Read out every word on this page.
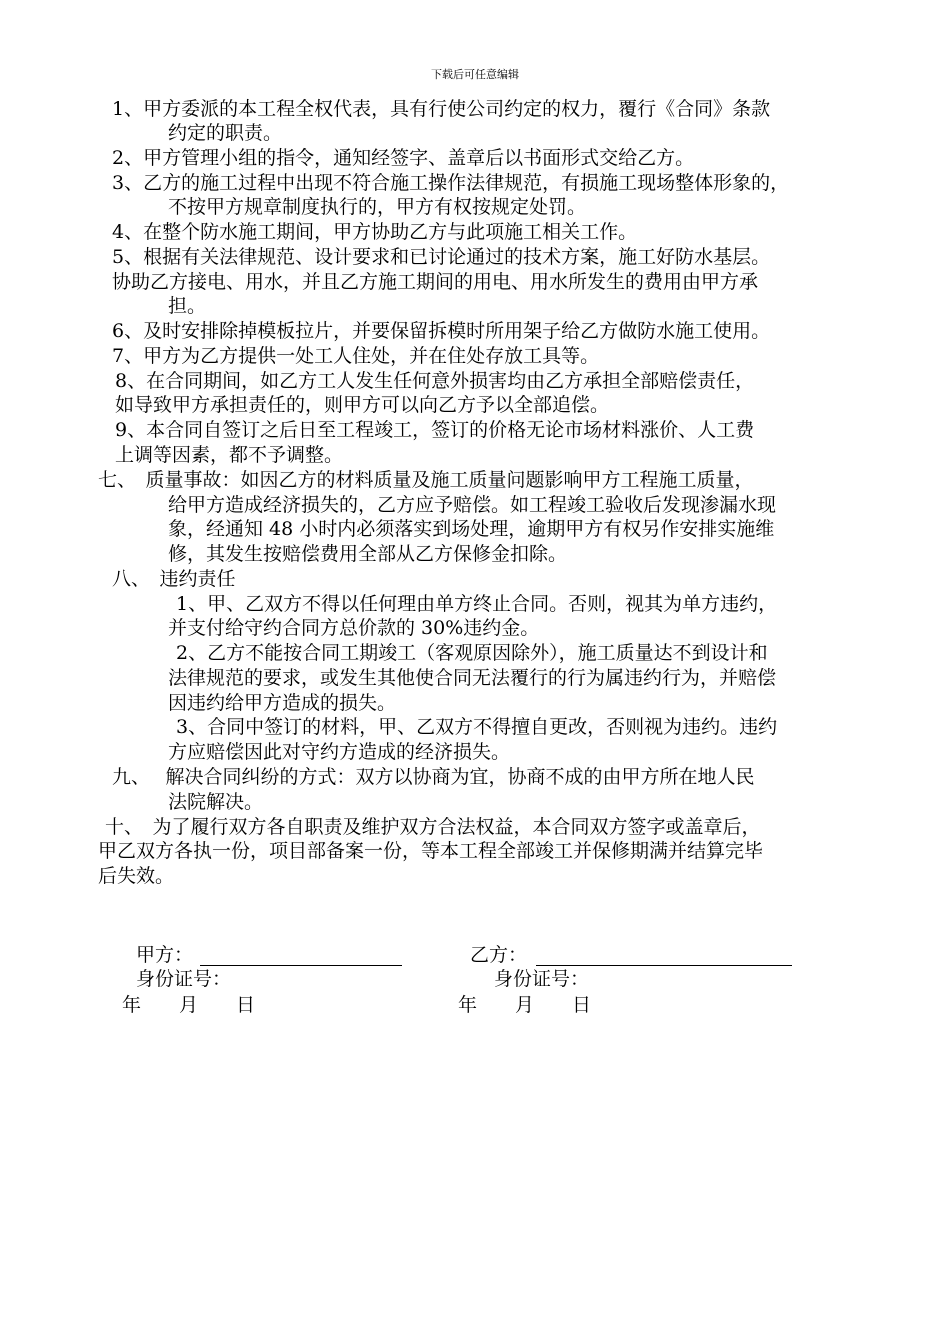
下载后可任意编辑
1、甲方委派的本工程全权代表，具有行使公司约定的权力，覆行《合同》条款
约定的职责。
2、甲方管理小组的指令，通知经签字、盖章后以书面形式交给乙方。
3、乙方的施工过程中出现不符合施工操作法律规范，有损施工现场整体形象的，
不按甲方规章制度执行的，甲方有权按规定处罚。
4、在整个防水施工期间，甲方协助乙方与此项施工相关工作。
5、根据有关法律规范、设计要求和已讨论通过的技术方案，施工好防水基层。
协助乙方接电、用水，并且乙方施工期间的用电、用水所发生的费用由甲方承
担。
6、及时安排除掉模板拉片，并要保留拆模时所用架子给乙方做防水施工使用。
7、甲方为乙方提供一处工人住处，并在住处存放工具等。
8、在合同期间，如乙方工人发生任何意外损害均由乙方承担全部赔偿责任，
如导致甲方承担责任的，则甲方可以向乙方予以全部追偿。
9、本合同自签订之后日至工程竣工，签订的价格无论市场材料涨价、人工费
上调等因素，都不予调整。
七、　质量事故：如因乙方的材料质量及施工质量问题影响甲方工程施工质量，
给甲方造成经济损失的，乙方应予赔偿。如工程竣工验收后发现渗漏水现
象，经通知 48 小时内必须落实到场处理，逾期甲方有权另作安排实施维
修，其发生按赔偿费用全部从乙方保修金扣除。
八、　违约责任
1、甲、乙双方不得以任何理由单方终止合同。否则，视其为单方违约，
并支付给守约合同方总价款的 30%违约金。
2、乙方不能按合同工期竣工（客观原因除外），施工质量达不到设计和
法律规范的要求，或发生其他使合同无法覆行的行为属违约行为，并赔偿
因违约给甲方造成的损失。
3、合同中签订的材料，甲、乙双方不得擅自更改，否则视为违约。违约
方应赔偿因此对守约方造成的经济损失。
九、　 解决合同纠纷的方式：双方以协商为宜，协商不成的由甲方所在地人民
法院解决。
十、　为了履行双方各自职责及维护双方合法权益，本合同双方签字或盖章后，
甲乙双方各执一份，项目部备案一份，等本工程全部竣工并保修期满并结算完毕
后失效。
甲方：	乙方：
身份证号：	身份证号：
年　　月　　日	年　　月　　日
